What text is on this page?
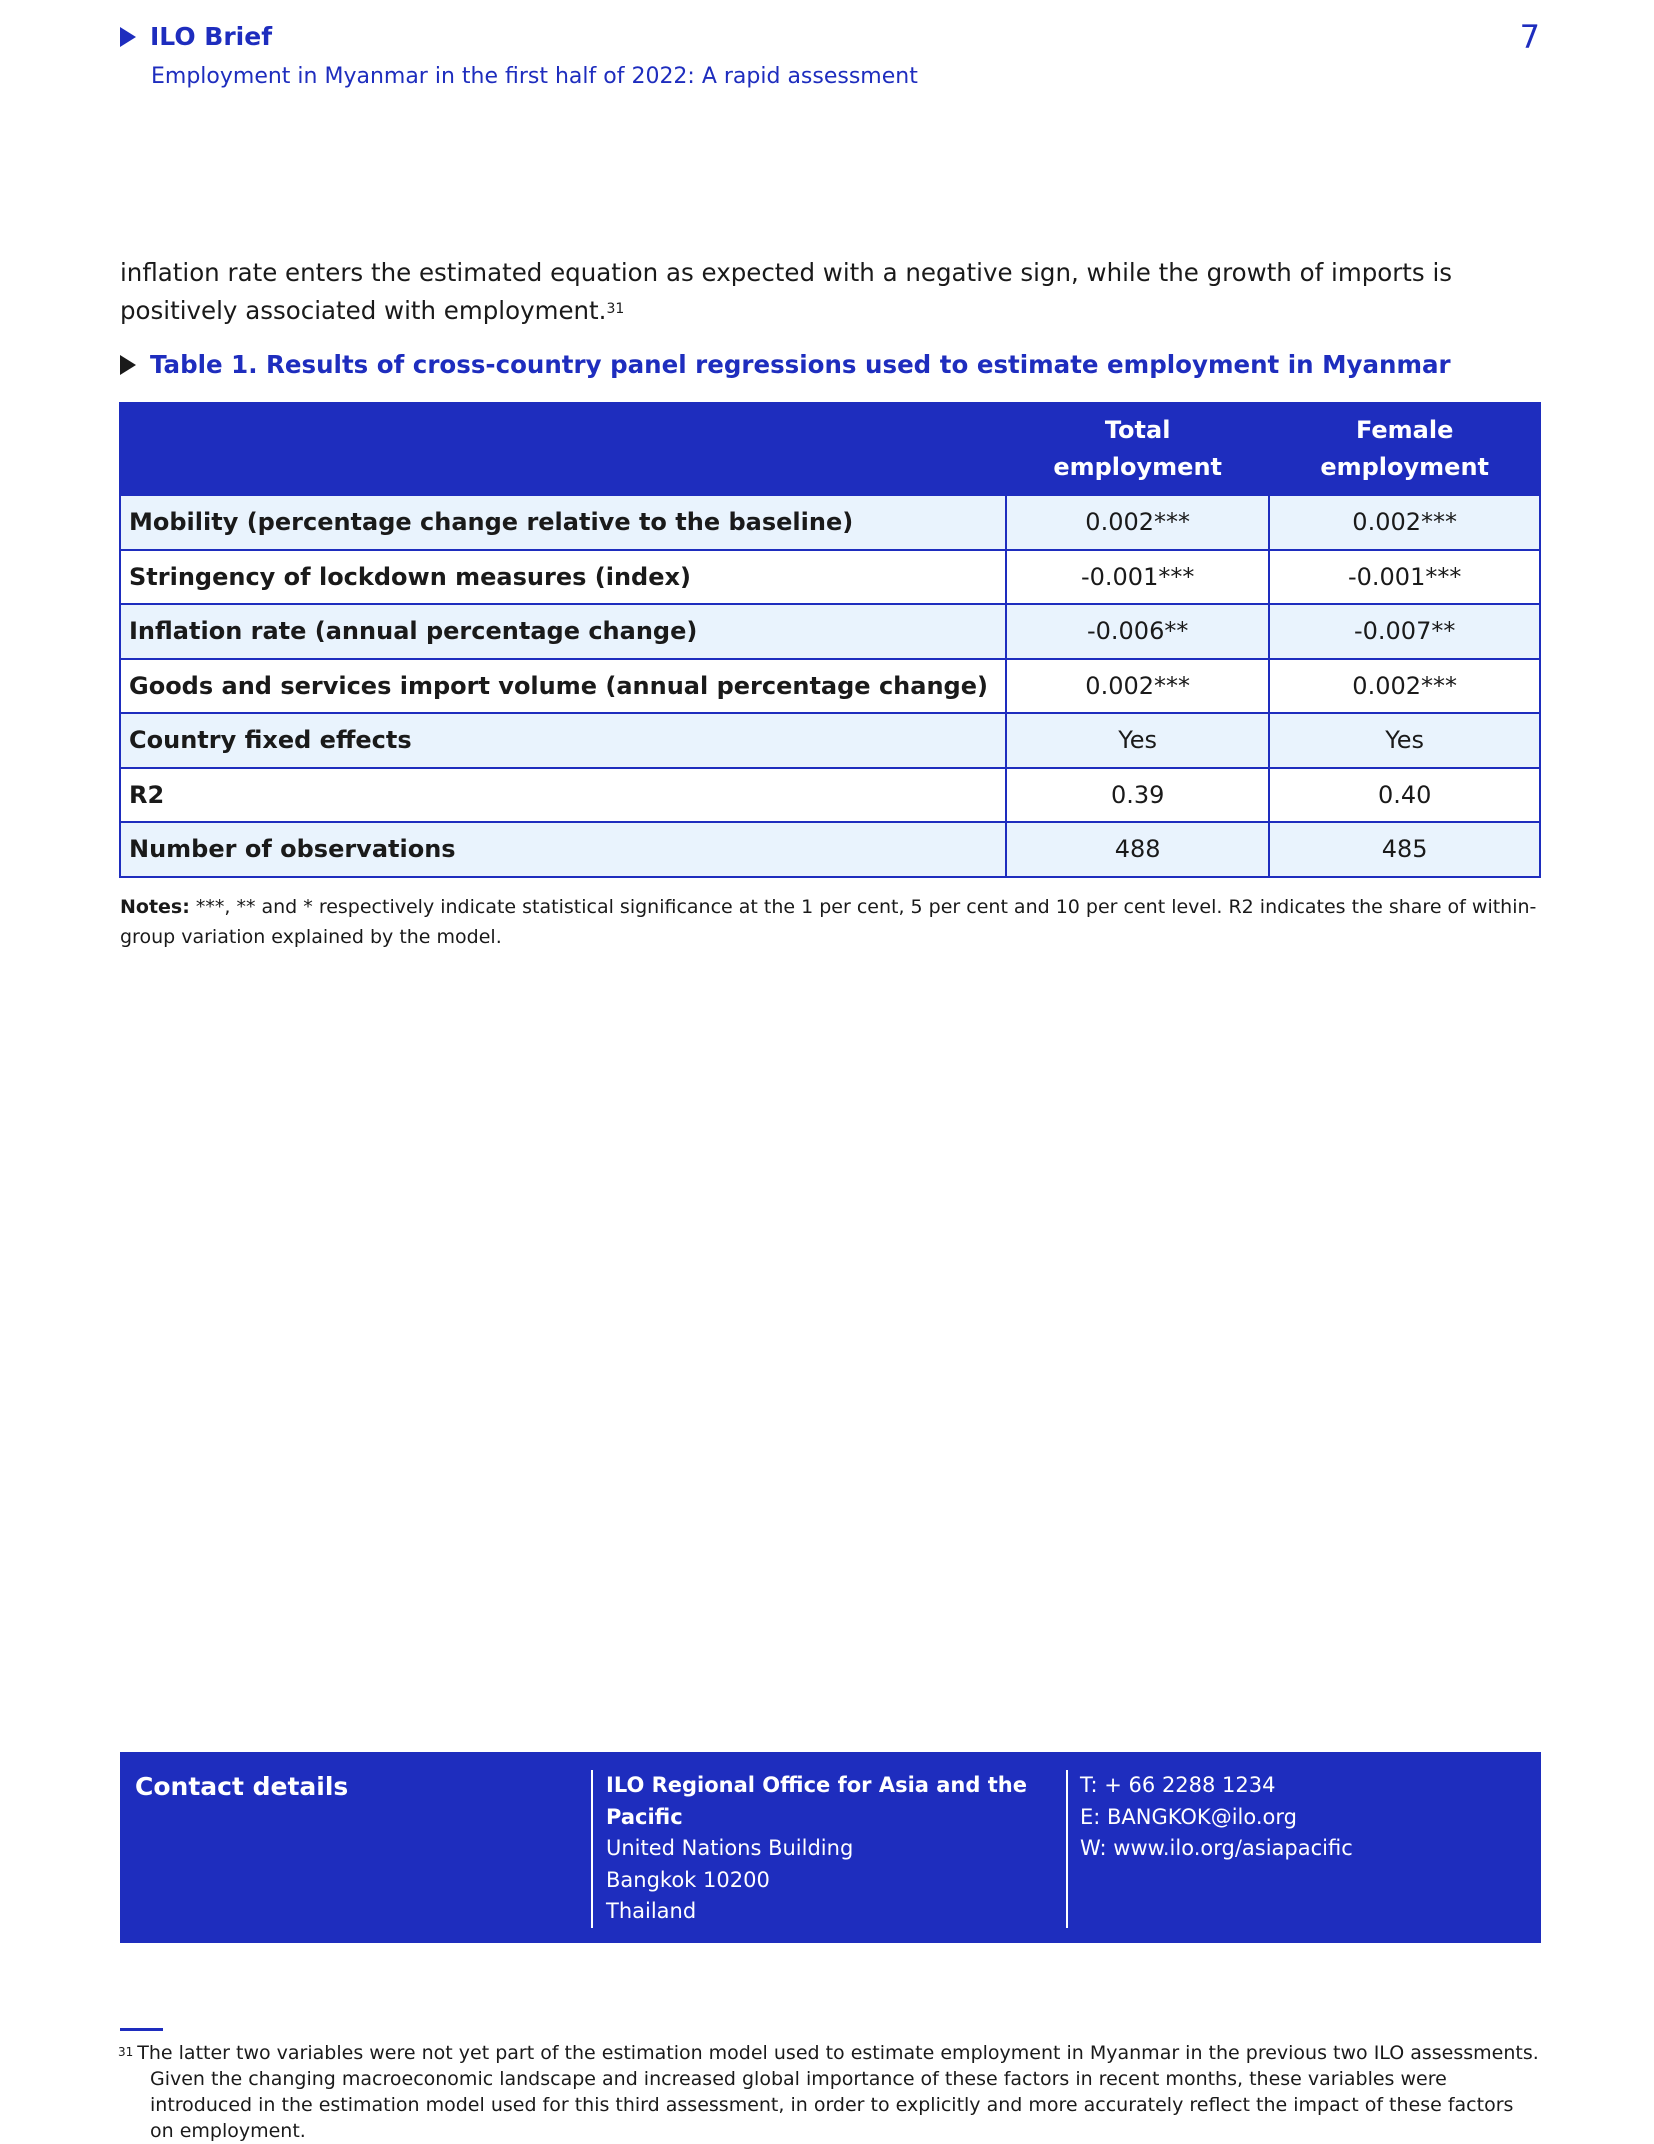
ILO Brief
Employment in Myanmar in the first half of 2022: A rapid assessment
7

inflation rate enters the estimated equation as expected with a negative sign, while the growth of imports is positively associated with employment.$^{31}$

Table 1. Results of cross-country panel regressions used to estimate employment in Myanmar
	Total employment	Female employment
Mobility (percentage change relative to the baseline)	0.002***	0.002***
Stringency of lockdown measures (index)	-0.001***	-0.001***
Inflation rate (annual percentage change)	-0.006**	-0.007**
Goods and services import volume (annual percentage change)	0.002***	0.002***
Country fixed effects	Yes	Yes
R2	0.39	0.40
Number of observations	488	485

Notes: ***, ** and * respectively indicate statistical significance at the 1 per cent, 5 per cent and 10 per cent level. R2 indicates the share of within-group variation explained by the model.

Contact details	ILO Regional Office for Asia and the
Pacific
United Nations Building
Bangkok 10200
Thailand
T: + 66 2288 1234
E: BANGKOK@ilo.org
W: www.ilo.org/asiapacific

$^{31}$ The latter two variables were not yet part of the estimation model used to estimate employment in Myanmar in the previous two ILO assessments. Given the changing macroeconomic landscape and increased global importance of these factors in recent months, these variables were introduced in the estimation model used for this third assessment, in order to explicitly and more accurately reflect the impact of these factors on employment.
